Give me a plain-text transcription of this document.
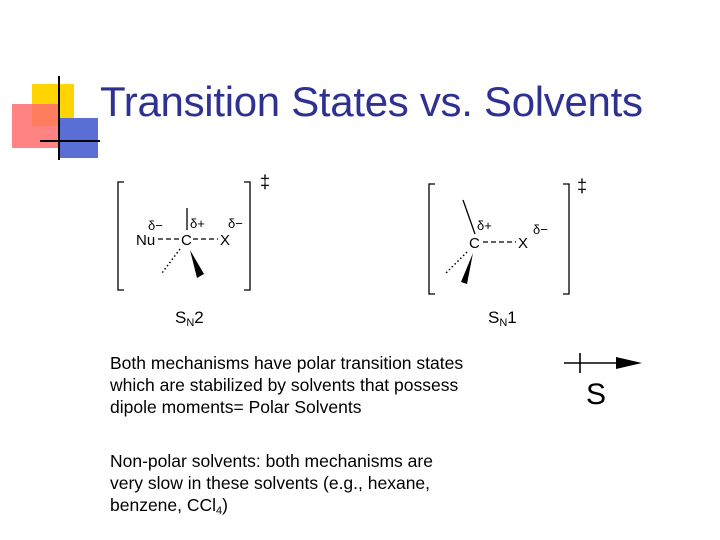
Transition States vs. Solvents
‡
δ− δ+ δ−
Nu C X
$S_N2$
‡
δ+	δ−
C	X
$S_N1$
Both mechanisms have polar transition states
which are stabilized by solvents that possess
dipole moments= Polar Solvents
Non-polar solvents: both mechanisms are
very slow in these solvents (e.g., hexane,
benzene, CCl$_4$)
S
